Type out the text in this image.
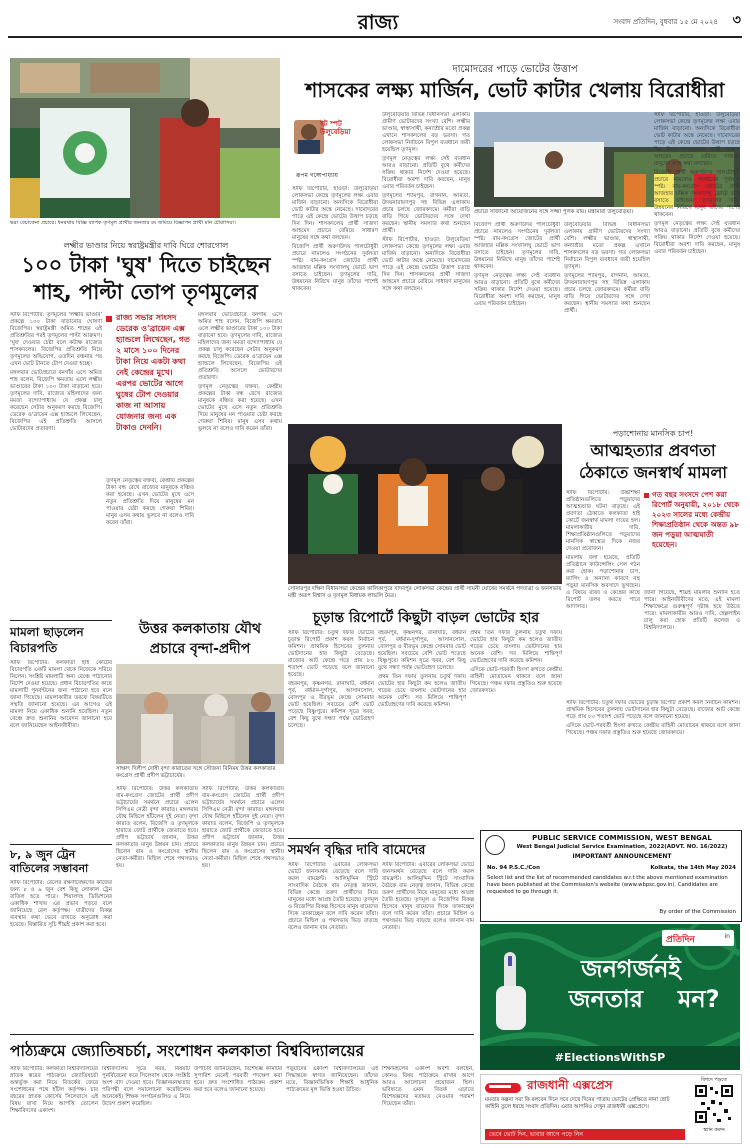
রাজ্য	সংবাদ প্রতিদিন, বুধবার ১৫ মে ২০২৪	৩
ভরা বেচাকেনা প্রচারে। ধনরথায় বিজ্ঞি ব্যাপক তৃণমূল প্রার্থীর জনতার রং জমিয়ে বিজ্ঞাপন প্রার্থী মনি চৌরাসিয়া।
লক্ষ্মীর ভাণ্ডার নিয়ে স্বরাষ্ট্রমন্ত্রীর দাবি ঘিরে শোরগোল
১০০ টাকা 'ঘুষ' দিতে চাইছেন
শাহ, পাল্টা তোপ তৃণমূলের

স্টাফ রিপোর্টার: তৃণমূলের 'লক্ষ্মীর ভাণ্ডার' প্রকল্পে ১০০ টাকা বাড়ানোর ঘোষণা বিজেপির। স্বরাষ্ট্রমন্ত্রী অমিত শাহের এই প্রতিশ্রুতির পরই তৃণমূলের পাল্টা আক্রমণ। 'ঘুষ' দেওয়ার চেষ্টা বলে কটাক্ষ রাজ্যের শাসকদলের। বিজেপির প্রতিশ্রুতি নিয়ে তৃণমূলের অভিযোগ, এতদিন বঞ্চনার পর এখন ভোট টানতে টোপ দেওয়া হচ্ছে।

মঙ্গলবার ভোটপ্রচারে বনগাঁয় এসে অমিত শাহ বলেন, বিজেপি ক্ষমতায় এলে লক্ষ্মীর ভাণ্ডারের টাকা ১০০ টাকা বাড়ানো হবে। তৃণমূলের দাবি, রাজ্যের মহিলাদের জন্য মমতা বন্দ্যোপাধ্যায় যে প্রকল্প চালু করেছেন সেটার অনুকরণ করছে বিজেপি। ডেরেক ও'ব্রায়েন এক্স হ্যান্ডলে লিখেছেন, বিজেপির এই প্রতিশ্রুতি আসলে ভোটারদের প্রতারণা।

রাজ্য সভার সাংসদ ডেরেক ও'ব্রায়েন এক্স হ্যান্ডলে লিখেছেন, গত ২ মাসে ১০০ দিনের টাকা নিয়ে একটা কথা নেই কেন্দ্রের মুখে। এরপর ভোটের আগে ঘুষের টোপ দেওয়ার কাজ না আসায় যোজনার জন্য এক টাকাও দেননি।

তৃণমূল নেতৃত্বের বক্তব্য, কেন্দ্রীয় প্রকল্পের টাকা বন্ধ রেখে রাজ্যের মানুষকে বঞ্চিত করা হয়েছে। এখন ভোটের মুখে এসে নতুন প্রতিশ্রুতি দিয়ে মানুষের মন পাওয়ার চেষ্টা করছে গেরুয়া শিবির। মানুষ এসব কথায় ভুলবে না বলেও দাবি করেন তাঁরা।

মঙ্গলবার ভোটপ্রচারে বনগাঁয় এসে অমিত শাহ বলেন, বিজেপি ক্ষমতায় এলে লক্ষ্মীর ভাণ্ডারের টাকা ১০০ টাকা বাড়ানো হবে। তৃণমূলের দাবি, রাজ্যের মহিলাদের জন্য মমতা বন্দ্যোপাধ্যায় যে প্রকল্প চালু করেছেন সেটার অনুকরণ করছে বিজেপি। ডেরেক ও'ব্রায়েন এক্স হ্যান্ডলে লিখেছেন, বিজেপির এই প্রতিশ্রুতি আসলে ভোটারদের প্রতারণা।

তৃণমূল নেতৃত্বের বক্তব্য, কেন্দ্রীয় প্রকল্পের টাকা বন্ধ রেখে রাজ্যের মানুষকে বঞ্চিত করা হয়েছে। এখন ভোটের মুখে এসে নতুন প্রতিশ্রুতি দিয়ে মানুষের মন পাওয়ার চেষ্টা করছে গেরুয়া শিবির। মানুষ এসব কথায় ভুলবে না বলেও দাবি করেন তাঁরা।

দামোদরের পাড়ে ভোটের উত্তাপ
শাসকের লক্ষ্য মার্জিন, ভোট কাটার খেলায় বিরোধীরা
হট স্পট উলুবেড়িয়া
রূপম গঙ্গোপাধ্যায়
প্রচারে সাজানো আয়োজনের সঙ্গে সজ্জা পুলক রায়। মন্ত্রামারা উলুবেড়িয়া।

স্টাফ রিপোর্টার, হাওড়া: উলুবেড়িয়া লোকসভা কেন্দ্রে তৃণমূলের লক্ষ্য এবার মার্জিন বাড়ানো। অন্যদিকে বিরোধীরা ভোট কাটার অঙ্কে নেমেছে। দামোদরের পাড়ে এই কেন্দ্রে ভোটের উত্তাপ চড়ছে দিন দিন। শাসকদলের প্রার্থী সাজদা আহমেদ প্রচারে বেরিয়ে সাধারণ মানুষের সঙ্গে কথা বলছেন।

বিজেপি প্রার্থী অরুণউদয় পালচৌধুরী প্রচারে নামলেও সংগঠনের দুর্বলতা স্পষ্ট। বাম-কংগ্রেস জোটের প্রার্থী আজহার মল্লিক সংখ্যালঘু ভোটে ভাগ বসাতে চাইছেন। তৃণমূলের দাবি, উন্নয়নের নিরিখে মানুষ তাঁদের পাশেই থাকবেন।

উলুবেড়িয়ার বিভিন্ন বিধানসভা এলাকায় গ্রামীণ ভোটারদের সংখ্যা বেশি। লক্ষ্মীর ভাণ্ডার, স্বাস্থ্যসাথী, কন্যাশ্রীর মতো প্রকল্প এখানে শাসকদলের বড় ভরসা। গত লোকসভা নির্বাচনে বিপুল ব্যবধানে জয়ী হয়েছিল তৃণমূল।

তৃণমূল নেতৃত্বের লক্ষ্য সেই ব্যবধান আরও বাড়ানো। প্রতিটি বুথে কর্মীদের সক্রিয় থাকার নির্দেশ দেওয়া হয়েছে। বিরোধীরা অবশ্য দাবি করছেন, মানুষ এবার পরিবর্তন চাইছেন।

তৃণমূলের শ্যামপুর, বাগনান, আমতা, উদয়নারায়ণপুর সহ বিভিন্ন এলাকায় প্রচার চলছে জোরকদমে। কর্মীরা বাড়ি বাড়ি গিয়ে ভোটারদের সঙ্গে দেখা করছেন। স্থানীয় সমস্যার কথা শুনছেন প্রার্থী।

স্টাফ রিপোর্টার, হাওড়া: উলুবেড়িয়া লোকসভা কেন্দ্রে তৃণমূলের লক্ষ্য এবার মার্জিন বাড়ানো। অন্যদিকে বিরোধীরা ভোট কাটার অঙ্কে নেমেছে। দামোদরের পাড়ে এই কেন্দ্রে ভোটের উত্তাপ চড়ছে দিন দিন। শাসকদলের প্রার্থী সাজদা আহমেদ প্রচারে বেরিয়ে সাধারণ মানুষের সঙ্গে কথা বলছেন।

বিজেপি প্রার্থী অরুণউদয় পালচৌধুরী প্রচারে নামলেও সংগঠনের দুর্বলতা স্পষ্ট। বাম-কংগ্রেস জোটের প্রার্থী আজহার মল্লিক সংখ্যালঘু ভোটে ভাগ বসাতে চাইছেন। তৃণমূলের দাবি, উন্নয়নের নিরিখে মানুষ তাঁদের পাশেই থাকবেন।

তৃণমূল নেতৃত্বের লক্ষ্য সেই ব্যবধান আরও বাড়ানো। প্রতিটি বুথে কর্মীদের সক্রিয় থাকার নির্দেশ দেওয়া হয়েছে। বিরোধীরা অবশ্য দাবি করছেন, মানুষ এবার পরিবর্তন চাইছেন।

উলুবেড়িয়ার বিভিন্ন বিধানসভা এলাকায় গ্রামীণ ভোটারদের সংখ্যা বেশি। লক্ষ্মীর ভাণ্ডার, স্বাস্থ্যসাথী, কন্যাশ্রীর মতো প্রকল্প এখানে শাসকদলের বড় ভরসা। গত লোকসভা নির্বাচনে বিপুল ব্যবধানে জয়ী হয়েছিল তৃণমূল।

তৃণমূলের শ্যামপুর, বাগনান, আমতা, উদয়নারায়ণপুর সহ বিভিন্ন এলাকায় প্রচার চলছে জোরকদমে। কর্মীরা বাড়ি বাড়ি গিয়ে ভোটারদের সঙ্গে দেখা করছেন। স্থানীয় সমস্যার কথা শুনছেন প্রার্থী।

স্টাফ রিপোর্টার, হাওড়া: উলুবেড়িয়া লোকসভা কেন্দ্রে তৃণমূলের লক্ষ্য এবার মার্জিন বাড়ানো। অন্যদিকে বিরোধীরা ভোট কাটার অঙ্কে নেমেছে। দামোদরের পাড়ে এই কেন্দ্রে ভোটের উত্তাপ চড়ছে দিন দিন। শাসকদলের প্রার্থী সাজদা আহমেদ প্রচারে বেরিয়ে সাধারণ মানুষের সঙ্গে কথা বলছেন।

বিজেপি প্রার্থী অরুণউদয় পালচৌধুরী প্রচারে নামলেও সংগঠনের দুর্বলতা স্পষ্ট। বাম-কংগ্রেস জোটের প্রার্থী আজহার মল্লিক সংখ্যালঘু ভোটে ভাগ বসাতে চাইছেন। তৃণমূলের দাবি, উন্নয়নের নিরিখে মানুষ তাঁদের পাশেই থাকবেন।

তৃণমূল নেতৃত্বের লক্ষ্য সেই ব্যবধান আরও বাড়ানো। প্রতিটি বুথে কর্মীদের সক্রিয় থাকার নির্দেশ দেওয়া হয়েছে। বিরোধীরা অবশ্য দাবি করছেন, মানুষ এবার পরিবর্তন চাইছেন।

সোনারপুর দক্ষিণ বিধানসভা কেন্দ্রের কালিকাপুরে যাদবপুর লোকসভা কেন্দ্রের প্রার্থী সায়নী ঘোষের সমর্থনে পদযাত্রা ও জনসভায় মন্ত্রী অরূপ বিশ্বাস ও তৃণমূল বিধায়ক লাভলি মৈত্র।
পড়াশোনায় মানসিক চাপ!
আত্মহত্যার প্রবণতা
ঠেকাতে জনস্বার্থ মামলা

স্টাফ রিপোর্টার: উচ্চশিক্ষা প্রতিষ্ঠানগুলিতে পড়ুয়াদের আত্মহত্যার ঘটনা বাড়ছে। এই প্রবণতা ঠেকাতে কলকাতা হাই কোর্টে জনস্বার্থ মামলা দায়ের হল। মামলাকারীর দাবি, শিক্ষাপ্রতিষ্ঠানগুলিতে পড়ুয়াদের মানসিক স্বাস্থ্যের দিকে নজর দেওয়া প্রয়োজন।

মামলায় বলা হয়েছে, প্রতিটি প্রতিষ্ঠানে কাউন্সেলিং সেল গঠন করা হোক। পড়াশোনার চাপ, র‍্যাগিং ও অন্যান্য কারণে বহু পড়ুয়া মানসিক অবসাদে ভুগছেন। এ বিষয়ে রাজ্য ও কেন্দ্রের কাছে রিপোর্ট তলব করতে পারে আদালত।

গত বছর সংসদে পেশ করা রিপোর্ট অনুযায়ী, ২০১৮ থেকে ২০২৩ সালের মধ্যে কেন্দ্রীয় শিক্ষাপ্রতিষ্ঠান থেকে অন্তত ৯৮ জন পড়ুয়া আত্মঘাতী হয়েছেন।

জানা গিয়েছে, শীঘ্রই মামলার শুনানি হতে পারে। আইনজীবীদের মতে, এই মামলা শিক্ষাক্ষেত্রে গুরুত্বপূর্ণ দৃষ্টান্ত হয়ে উঠতে পারে। মামলাকারীর আরও দাবি, হেল্পলাইন চালু করা হোক প্রতিটি কলেজ ও বিশ্ববিদ্যালয়ে।

মামলা ছাড়লেন
বিচারপতি
স্টাফ রিপোর্টার: কলকাতা হাই কোর্টের বিচারপতি একটি মামলা থেকে নিজেকে সরিয়ে নিলেন। সংশ্লিষ্ট মামলাটি অন্য বেঞ্চে পাঠানোর নির্দেশ দেওয়া হয়েছে। প্রধান বিচারপতির কাছে মামলাটি পুনর্বণ্টনের জন্য পাঠানো হবে বলে জানা গিয়েছে। মামলাকারীর তরফে বিষয়টিতে সম্মতি জানানো হয়েছে। এর আগেও এই মামলা নিয়ে একাধিক শুনানি হয়েছিল। নতুন বেঞ্চে দ্রুত শুনানির আবেদন জানানো হবে বলে জানিয়েছেন আইনজীবীরা।
৮, ৯ জুন ট্রেন
বাতিলের সম্ভাবনা
স্টাফ রিপোর্টার: রেলের রক্ষণাবেক্ষণের কাজের জন্য ৮ ও ৯ জুন বেশ কিছু লোকাল ট্রেন বাতিল হতে পারে। শিয়ালদহ ডিভিশনের একাধিক শাখায় এর প্রভাব পড়বে বলে জানিয়েছে রেল কর্তৃপক্ষ। যাত্রীদের বিকল্প ব্যবস্থার কথা ভেবে রাখতে অনুরোধ করা হয়েছে। বিস্তারিত সূচি শীঘ্রই প্রকাশ করা হবে।
উত্তর কলকাতায় যৌথ
প্রচারে বৃন্দা-প্রদীপ
সাক্ষাৎ দিলীপ দোষী বৃন্দা কারাতের সঙ্গে সৌজন্য বিনিময় উত্তর কলকাতার কংগ্রেস প্রার্থী প্রদীপ ভট্টাচার্যের।

স্টাফ রিপোর্টার: উত্তর কলকাতায় বাম-কংগ্রেস জোটের প্রার্থী প্রদীপ ভট্টাচার্যের সমর্থনে প্রচারে এলেন সিপিএম নেত্রী বৃন্দা কারাত। মঙ্গলবার যৌথ মিছিলে হাঁটলেন দুই নেতা। বৃন্দা কারাত বলেন, বিজেপি ও তৃণমূলকে হারাতে জোট প্রার্থীকে জেতাতে হবে। প্রদীপ ভট্টাচার্য জানান, উত্তর কলকাতার মানুষ উন্নয়ন চান। প্রচারে ছিলেন বাম ও কংগ্রেসের স্থানীয় নেতা-কর্মীরা। মিছিল শেষে পথসভাও হয়।

স্টাফ রিপোর্টার: উত্তর কলকাতায় বাম-কংগ্রেস জোটের প্রার্থী প্রদীপ ভট্টাচার্যের সমর্থনে প্রচারে এলেন সিপিএম নেত্রী বৃন্দা কারাত। মঙ্গলবার যৌথ মিছিলে হাঁটলেন দুই নেতা। বৃন্দা কারাত বলেন, বিজেপি ও তৃণমূলকে হারাতে জোট প্রার্থীকে জেতাতে হবে। প্রদীপ ভট্টাচার্য জানান, উত্তর কলকাতার মানুষ উন্নয়ন চান। প্রচারে ছিলেন বাম ও কংগ্রেসের স্থানীয় নেতা-কর্মীরা। মিছিল শেষে পথসভাও হয়।

চূড়ান্ত রিপোর্টে কিছুটা বাড়ল ভোটের হার

স্টাফ রিপোর্টার: চতুর্থ দফার ভোটের চূড়ান্ত রিপোর্ট প্রকাশ করল নির্বাচন কমিশন। প্রাথমিক হিসেবের তুলনায় ভোটদানের হার কিছুটা বেড়েছে। রাজ্যের আট কেন্দ্রে গড়ে প্রায় ৮০ শতাংশ ভোট পড়েছে বলে জানানো হয়েছে।

বহরমপুর, কৃষ্ণনগর, রানাঘাট, বর্ধমান পূর্ব, বর্ধমান-দুর্গাপুর, আসানসোল, বোলপুর ও বীরভূম কেন্দ্রে সোমবার ভোট হয়েছিল। সবচেয়ে বেশি ভোট পড়েছে বিষ্ণুপুরে। কমিশন সূত্রে খবর, বেশ কিছু বুথে সন্ধ্যা পর্যন্ত ভোটগ্রহণ চলেছে।

বহরমপুর, কৃষ্ণনগর, রানাঘাট, বর্ধমান পূর্ব, বর্ধমান-দুর্গাপুর, আসানসোল, বোলপুর ও বীরভূম কেন্দ্রে সোমবার ভোট হয়েছিল। সবচেয়ে বেশি ভোট পড়েছে বিষ্ণুপুরে। কমিশন সূত্রে খবর, বেশ কিছু বুথে সন্ধ্যা পর্যন্ত ভোটগ্রহণ চলেছে।

প্রথম তিন দফার তুলনায় চতুর্থ দফায় ভোটের হার কিছুটা কম হলেও জাতীয় গড়ের চেয়ে বাংলায় ভোটদানের হার অনেক বেশি। সব মিলিয়ে শান্তিপূর্ণ ভোটগ্রহণের দাবি করেছে কমিশন।

প্রথম তিন দফার তুলনায় চতুর্থ দফায় ভোটের হার কিছুটা কম হলেও জাতীয় গড়ের চেয়ে বাংলায় ভোটদানের হার অনেক বেশি। সব মিলিয়ে শান্তিপূর্ণ ভোটগ্রহণের দাবি করেছে কমিশন।

এদিকে ভোট-পরবর্তী হিংসা রুখতে কেন্দ্রীয় বাহিনী মোতায়েন থাকবে বলে জানা গিয়েছে। পঞ্চম দফার প্রস্তুতিও শুরু হয়েছে জোরকদমে।

স্টাফ রিপোর্টার: চতুর্থ দফার ভোটের চূড়ান্ত রিপোর্ট প্রকাশ করল নির্বাচন কমিশন। প্রাথমিক হিসেবের তুলনায় ভোটদানের হার কিছুটা বেড়েছে। রাজ্যের আট কেন্দ্রে গড়ে প্রায় ৮০ শতাংশ ভোট পড়েছে বলে জানানো হয়েছে।

এদিকে ভোট-পরবর্তী হিংসা রুখতে কেন্দ্রীয় বাহিনী মোতায়েন থাকবে বলে জানা গিয়েছে। পঞ্চম দফার প্রস্তুতিও শুরু হয়েছে জোরকদমে।

সমর্থন বৃদ্ধির দাবি বামেদের

স্টাফ রিপোর্টার: এবারের লোকসভা ভোটে জনসমর্থন বেড়েছে বলে দাবি করল বামফ্রন্ট। আলিমুদ্দিন স্ট্রিটে সাংবাদিক বৈঠকে বাম নেতৃত্ব জানান, বিভিন্ন কেন্দ্রে তরুণ প্রার্থীদের নিয়ে মানুষের মধ্যে আগ্রহ তৈরি হয়েছে। তৃণমূল ও বিজেপির বিকল্প হিসেবে মানুষ বামেদের দিকে তাকাচ্ছেন বলে দাবি করেন তাঁরা। প্রচারে মিছিল ও পথসভায় ভিড় বাড়ছে বলেও জানান বাম নেতারা।

স্টাফ রিপোর্টার: এবারের লোকসভা ভোটে জনসমর্থন বেড়েছে বলে দাবি করল বামফ্রন্ট। আলিমুদ্দিন স্ট্রিটে সাংবাদিক বৈঠকে বাম নেতৃত্ব জানান, বিভিন্ন কেন্দ্রে তরুণ প্রার্থীদের নিয়ে মানুষের মধ্যে আগ্রহ তৈরি হয়েছে। তৃণমূল ও বিজেপির বিকল্প হিসেবে মানুষ বামেদের দিকে তাকাচ্ছেন বলে দাবি করেন তাঁরা। প্রচারে মিছিল ও পথসভায় ভিড় বাড়ছে বলেও জানান বাম নেতারা।

PUBLIC SERVICE COMMISSION, WEST BENGAL
West Bengal Judicial Service Examination, 2022(ADVT. NO. 16/2022)
IMPORTANT ANNOUNCEMENT
No. 94 P.S.C./Con	Kolkata, the 14th May 2024
Select list and the list of recommended candidates w.r.t the above mentioned examination have been published at the Commission's website (www.wbpsc.gov.in). Candidates are requested to go through it.
By order of the Commission
প্রতিদিন	in
জনগর্জনই
জনতার	মন?
#ElectionsWithSP
রাজধানী এক্সপ্রেস
মমতার কল্পনা সরা কি বলবেন দিনে সবে দেখে দিনের পাতায় ভোটের প্রেক্ষিতে নানা ছোট কাহিনি তুলে ধরছে সংবাদ প্রতিদিন। এবার আপনিও দেখুন রাজধানী এক্সপ্রেসে।
ভেবে ভোট দিন, ভাবার আগে পড়ে নিন
বিশদে পড়তে
স্ক্যান করুন
পাঠ্যক্রমে জ্যোতিষচর্চা, সংশোধন কলকাতা বিশ্ববিদ্যালয়ের

স্টাফ রিপোর্টার: কলকাতা বিশ্ববিদ্যালয়ের স্নাতক স্তরের পাঠ্যক্রমে জ্যোতিষচর্চা অন্তর্ভুক্ত করা নিয়ে বিতর্কের জেরে সংশোধনের পথে হাঁটল কর্তৃপক্ষ। চার বছরের স্নাতক কোর্সের সিলেবাসে এই বিষয় রাখা নিয়ে আপত্তি তোলেন শিক্ষাবিদদের একাংশ।

বিশ্ববিদ্যালয় সূত্রে খবর, বিষয়টি পুনর্বিবেচনা করে সিলেবাস থেকে সংশ্লিষ্ট অংশ বাদ দেওয়া হবে। বিজ্ঞানমনস্কতার পরিপন্থী বলে সমালোচনা করেছিলেন অনেকেই। শিক্ষক সংগঠনগুলিও এ নিয়ে উদ্বেগ প্রকাশ করেছিল।

উপাচার্য জানিয়েছেন, বিশেষজ্ঞ কমিটির সুপারিশ মেনেই পরবর্তী পদক্ষেপ করা হবে। দ্রুত সংশোধিত পাঠ্যক্রম প্রকাশ করা হবে বলেও জানানো হয়েছে।

পড়ুয়াদের একাংশ বিশ্ববিদ্যালয়ের এই সিদ্ধান্তকে স্বাগত জানিয়েছেন। তাঁদের মতে, বিজ্ঞানভিত্তিক শিক্ষাই আধুনিক পাঠ্যক্রমের মূল ভিত্তি হওয়া উচিত।

শিক্ষামহলের একাংশ অবশ্য বলছেন, কোনও বিষয় পাঠ্যক্রমে রাখার আগে আরও আলোচনা প্রয়োজন ছিল। ভবিষ্যতে এমন বিতর্ক এড়াতে বিশেষজ্ঞদের মতামত নেওয়ার পরামর্শ দিয়েছেন তাঁরা।
